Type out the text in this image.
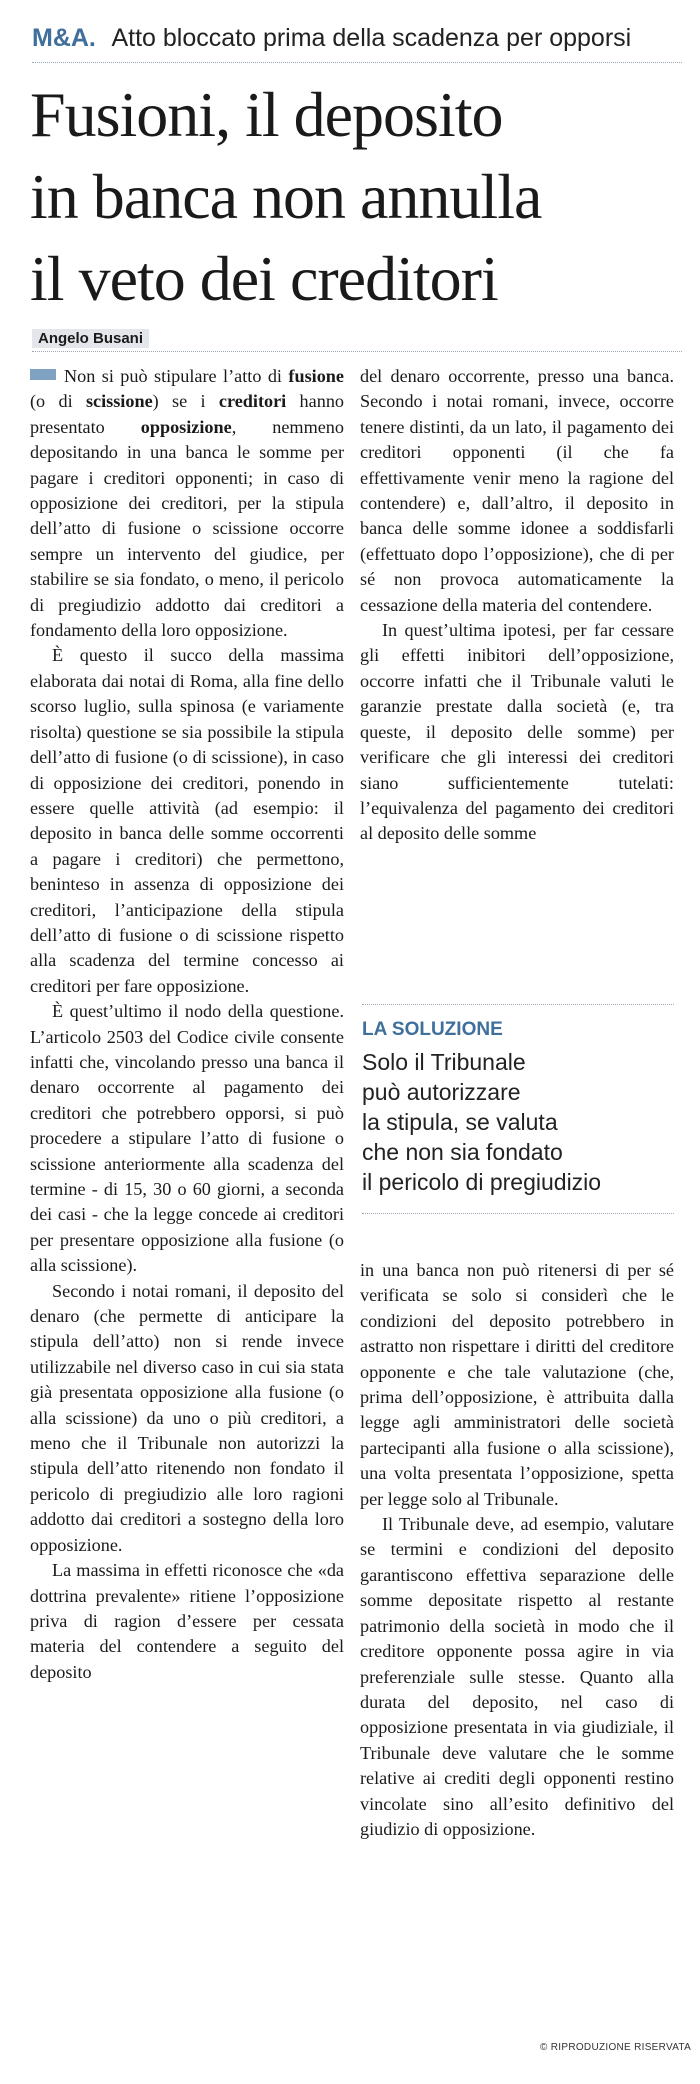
M&A. Atto bloccato prima della scadenza per opporsi
Fusioni, il deposito
in banca non annulla
il veto dei creditori
Angelo Busani

Non si può stipulare l’atto di fusione (o di scissione) se i creditori hanno presentato opposizione, nemmeno depositando in una banca le somme per pagare i creditori opponenti; in caso di opposizione dei creditori, per la stipula dell’atto di fusione o scissione occorre sempre un intervento del giudice, per stabilire se sia fondato, o meno, il pericolo di pregiudizio addotto dai creditori a fondamento della loro opposizione.

È questo il succo della massima elaborata dai notai di Roma, alla fine dello scorso luglio, sulla spinosa (e variamente risolta) questione se sia possibile la stipula dell’atto di fusione (o di scissione), in caso di opposizione dei creditori, ponendo in essere quelle attività (ad esempio: il deposito in banca delle somme occorrenti a pagare i creditori) che permettono, beninteso in assenza di opposizione dei creditori, l’anticipazione della stipula dell’atto di fusione o di scissione rispetto alla scadenza del termine concesso ai creditori per fare opposizione.

È quest’ultimo il nodo della questione. L’articolo 2503 del Codice civile consente infatti che, vincolando presso una banca il denaro occorrente al pagamento dei creditori che potrebbero opporsi, si può procedere a stipulare l’atto di fusione o scissione anteriormente alla scadenza del termine - di 15, 30 o 60 giorni, a seconda dei casi - che la legge concede ai creditori per presentare opposizione alla fusione (o alla scissione).

Secondo i notai romani, il deposito del denaro (che permette di anticipare la stipula dell’atto) non si rende invece utilizzabile nel diverso caso in cui sia stata già presentata opposizione alla fusione (o alla scissione) da uno o più creditori, a meno che il Tribunale non autorizzi la stipula dell’atto ritenendo non fondato il pericolo di pregiudizio alle loro ragioni addotto dai creditori a sostegno della loro opposizione.

La massima in effetti riconosce che «da dottrina prevalente» ritiene l’opposizione priva di ragion d’essere per cessata materia del contendere a seguito del deposito

del denaro occorrente, presso una banca. Secondo i notai romani, invece, occorre tenere distinti, da un lato, il pagamento dei creditori opponenti (il che fa effettivamente venir meno la ragione del contendere) e, dall’altro, il deposito in banca delle somme idonee a soddisfarli (effettuato dopo l’opposizione), che di per sé non provoca automaticamente la cessazione della materia del contendere.

In quest’ultima ipotesi, per far cessare gli effetti inibitori dell’opposizione, occorre infatti che il Tribunale valuti le garanzie prestate dalla società (e, tra queste, il deposito delle somme) per verificare che gli interessi dei creditori siano sufficientemente tutelati: l’equivalenza del pagamento dei creditori al deposito delle somme

LA SOLUZIONE
Solo il Tribunale
può autorizzare
la stipula, se valuta
che non sia fondato
il pericolo di pregiudizio

in una banca non può ritenersi di per sé verificata se solo si considerì che le condizioni del deposito potrebbero in astratto non rispettare i diritti del creditore opponente e che tale valutazione (che, prima dell’opposizione, è attribuita dalla legge agli amministratori delle società partecipanti alla fusione o alla scissione), una volta presentata l’opposizione, spetta per legge solo al Tribunale.

Il Tribunale deve, ad esempio, valutare se termini e condizioni del deposito garantiscono effettiva separazione delle somme depositate rispetto al restante patrimonio della società in modo che il creditore opponente possa agire in via preferenziale sulle stesse. Quanto alla durata del deposito, nel caso di opposizione presentata in via giudiziale, il Tribunale deve valutare che le somme relative ai crediti degli opponenti restino vincolate sino all’esito definitivo del giudizio di opposizione.

© RIPRODUZIONE RISERVATA
